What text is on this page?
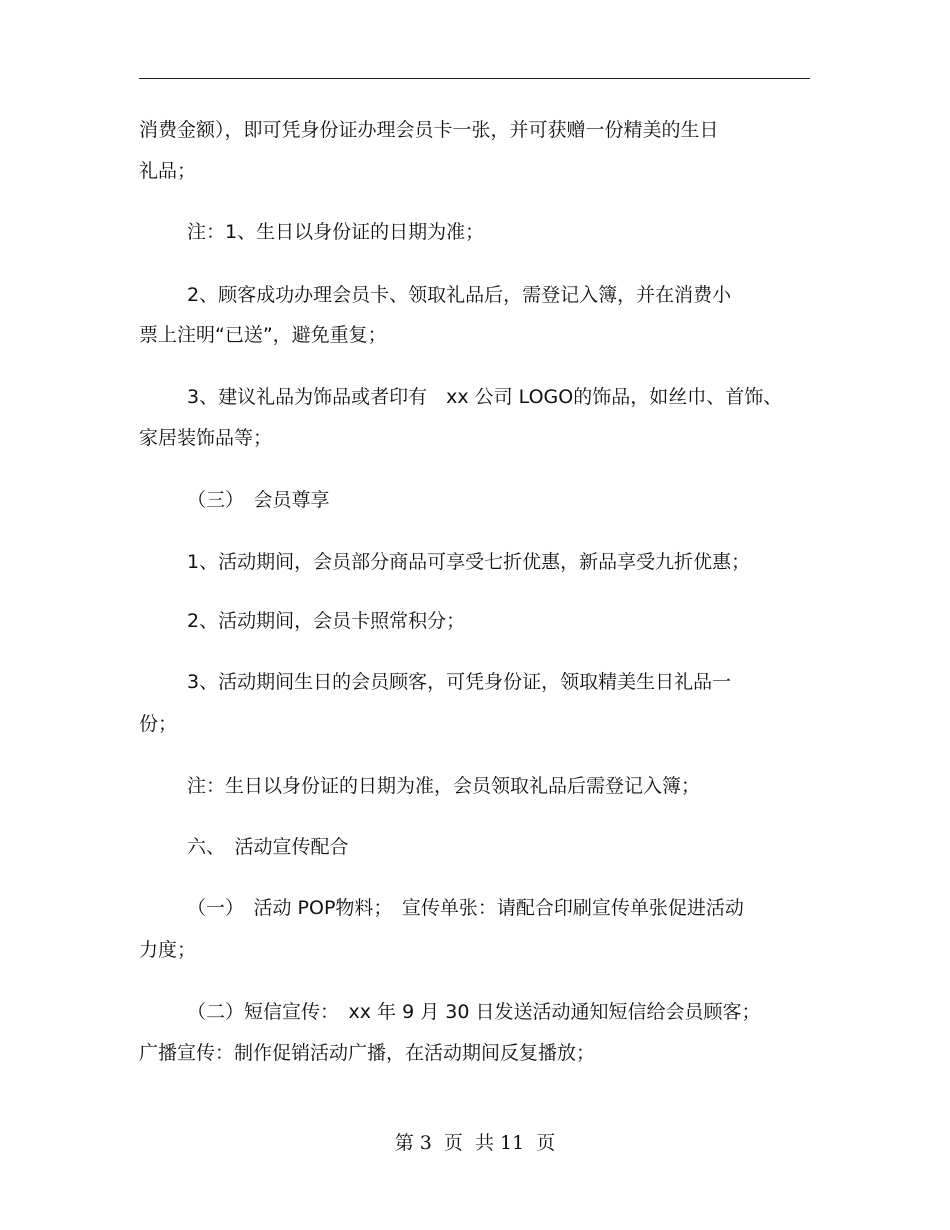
消费金额），即可凭身份证办理会员卡一张，并可获赠一份精美的生日
礼品；
注：1、生日以身份证的日期为准；
2、顾客成功办理会员卡、领取礼品后，需登记入簿，并在消费小
票上注明“已送”，避免重复；
3、建议礼品为饰品或者印有　xx 公司 LOGO的饰品，如丝巾、首饰、
家居装饰品等；
（三）　会员尊享
1、活动期间，会员部分商品可享受七折优惠，新品享受九折优惠；
2、活动期间，会员卡照常积分；
3、活动期间生日的会员顾客，可凭身份证，领取精美生日礼品一
份；
注：生日以身份证的日期为准，会员领取礼品后需登记入簿；
六、　活动宣传配合
（一）　活动 POP物料；　宣传单张：请配合印刷宣传单张促进活动
力度；
（二）短信宣传：　xx 年 9 月 30 日发送活动通知短信给会员顾客；
广播宣传：制作促销活动广播，在活动期间反复播放；
第 3  页  共 11  页
